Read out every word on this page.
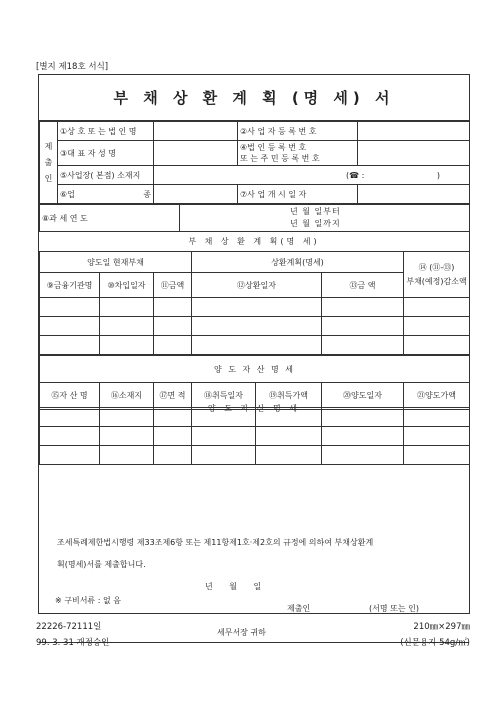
[별지 제18호 서식]
부 채 상 환 계 획 (명 세) 서
제출인	①상 호 또 는 법 인 명		②사 업 자 등 록 번 호	
	③대 표 자 성 명		④법 인 등 록 번 호
또 는 주 민 등 록 번 호	

	⑤사업장( 본점) 소재지	(☎ : )		
	⑥업 종		⑦사 업 개 시 일 자	
⑧과 세 연 도	
년 월 일부터
년 월 일까지
부 채 상 환 계 획(명 세)
양도일 현재부채			상환계획(명세)		⑭ (⑪-⑬)
부채(예정)감소액

⑨금융기관명	⑩차입일자	⑪금액	⑫상환일자	⑬금 액	

양 도 자 산 명 세
양 도 자 산 명 세						
⑮자 산 명	⑯소재지	⑰면 적	⑱취득일자	⑲취득가액	⑳양도일자	㉑양도가액

조세특례제한법시행령 제33조제6항 또는 제11항제1호·제2호의 규정에 의하여 부채상환계

획(명세)서를 제출합니다.

년 월 일

제출인	(서명 또는 인)

세무서장 귀하

※ 구비서류 : 없 음
22226-72111일
99. 3. 31 개정승인
210㎜×297㎜
(신문용지 54g/㎡)
